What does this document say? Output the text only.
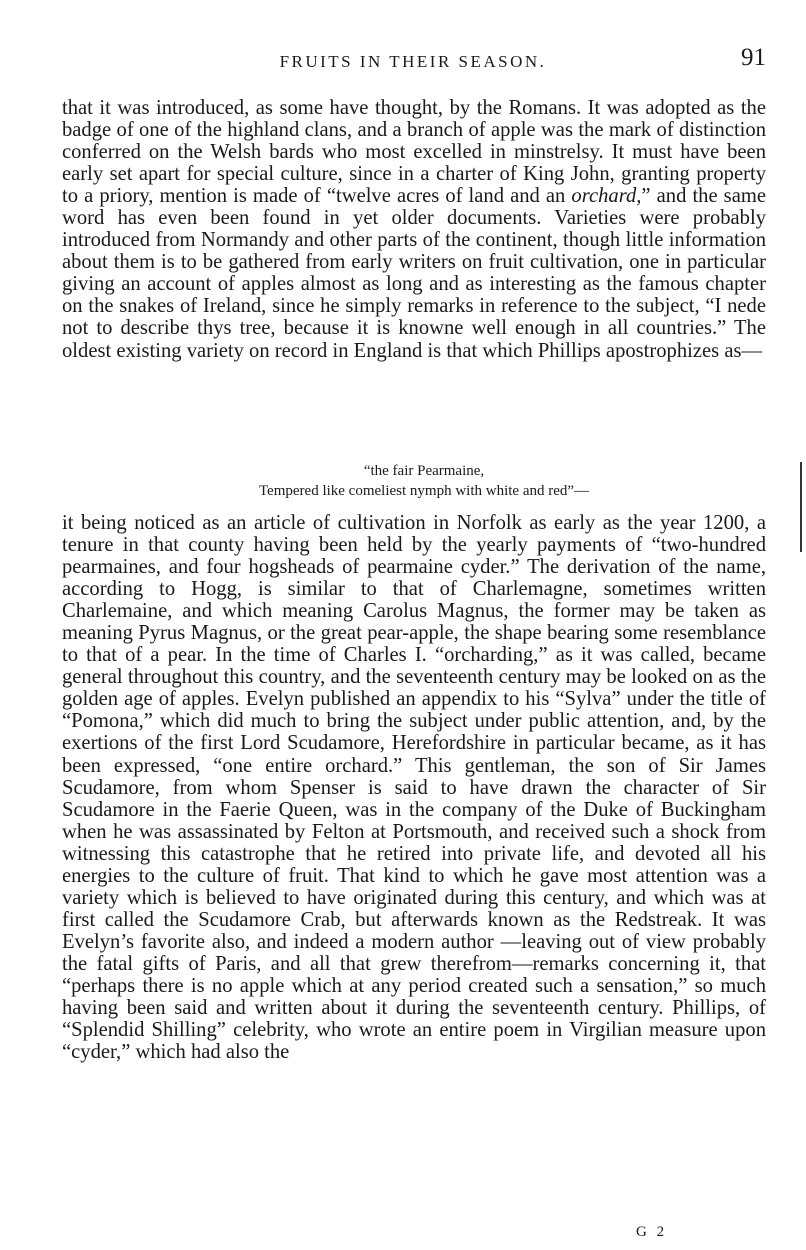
FRUITS IN THEIR SEASON.	91

that it was introduced, as some have thought, by the Romans. It was adopted as the badge of one of the highland clans, and a branch of apple was the mark of distinction conferred on the Welsh bards who most excelled in minstrelsy. It must have been early set apart for special culture, since in a charter of King John, granting property to a priory, mention is made of “twelve acres of land and an orchard,” and the same word has even been found in yet older documents. Varieties were probably introduced from Normandy and other parts of the continent, though little information about them is to be gathered from early writers on fruit cultivation, one in particular giving an account of apples almost as long and as interesting as the famous chapter on the snakes of Ireland, since he simply remarks in reference to the subject, “I nede not to describe thys tree, because it is knowne well enough in all countries.” The oldest existing variety on record in England is that which Phillips apostrophizes as—

“the fair Pearmaine,
Tempered like comeliest nymph with white and red”—

it being noticed as an article of cultivation in Norfolk as early as the year 1200, a tenure in that county having been held by the yearly payments of “two-hundred pearmaines, and four hogsheads of pearmaine cyder.” The derivation of the name, according to Hogg, is similar to that of Charlemagne, sometimes written Charlemaine, and which meaning Carolus Magnus, the former may be taken as meaning Pyrus Magnus, or the great pear-apple, the shape bearing some resemblance to that of a pear. In the time of Charles I. “orcharding,” as it was called, became general throughout this country, and the seventeenth century may be looked on as the golden age of apples. Evelyn published an appendix to his “Sylva” under the title of “Pomona,” which did much to bring the subject under public attention, and, by the exertions of the first Lord Scudamore, Herefordshire in particular became, as it has been expressed, “one entire orchard.” This gentleman, the son of Sir James Scudamore, from whom Spenser is said to have drawn the character of Sir Scudamore in the Faerie Queen, was in the company of the Duke of Buckingham when he was assassinated by Felton at Portsmouth, and received such a shock from witnessing this catastrophe that he retired into private life, and devoted all his energies to the culture of fruit. That kind to which he gave most attention was a variety which is believed to have originated during this century, and which was at first called the Scudamore Crab, but afterwards known as the Redstreak. It was Evelyn’s favorite also, and indeed a modern author —leaving out of view probably the fatal gifts of Paris, and all that grew therefrom—remarks concerning it, that “perhaps there is no apple which at any period created such a sensation,” so much having been said and written about it during the seventeenth century. Phillips, of “Splendid Shilling” celebrity, who wrote an entire poem in Virgilian measure upon “cyder,” which had also the

G 2
